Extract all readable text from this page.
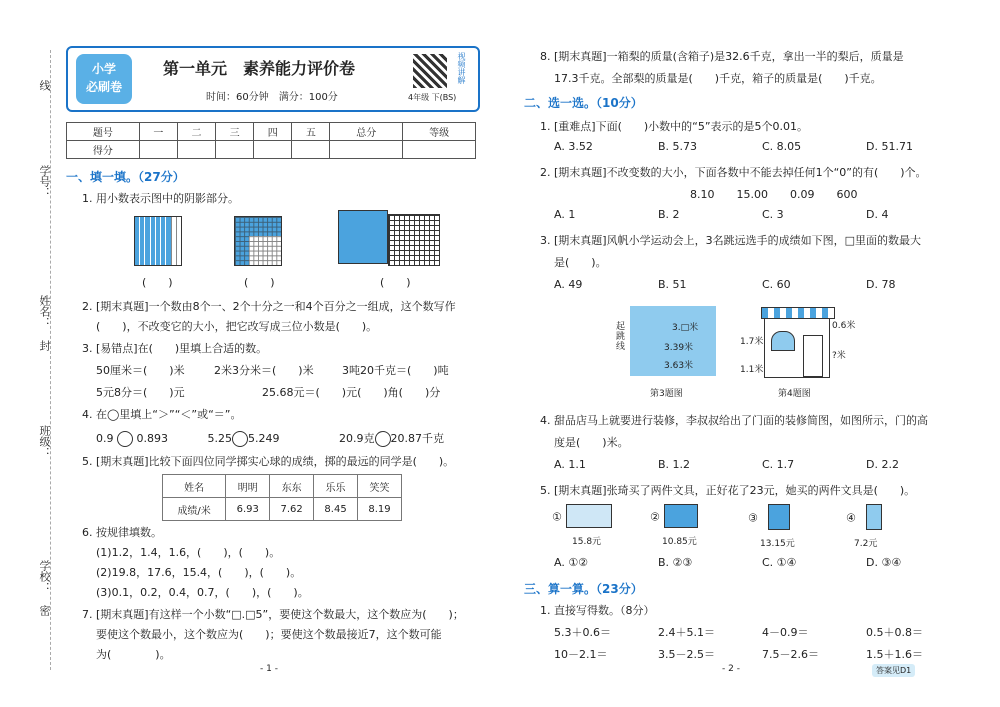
线
学号：
姓名：
封
班级：
学校：
密
小学
必刷卷
第一单元　素养能力评价卷
时间：60分钟　满分：100分
视频讲解
4年级 下(BS)
题号	一	二	三	四	五	总分	等级
得分							
一、填一填。（27分）
1. 用小数表示图中的阴影部分。
(　　)	(　　)	(　　)
2. [期末真题]一个数由8个一、2个十分之一和4个百分之一组成，这个数写作
(　　)，不改变它的大小，把它改写成三位小数是(　　)。
3. [易错点]在(　　)里填上合适的数。
50厘米＝(　　)米	2米3分米＝(　　)米	3吨20千克＝(　　)吨
5元8分＝(　　)元	25.68元＝(　　)元(　　)角(　　)分
4. 在◯里填上“＞”“＜”或“＝”。
0.9 0.893	5.25 5.249	20.9克 20.87千克
5. [期末真题]比较下面四位同学掷实心球的成绩，掷的最远的同学是(　　)。
姓名	明明	东东	乐乐	笑笑
成绩/米	6.93	7.62	8.45	8.19
6. 按规律填数。
(1)1.2，1.4，1.6，(　　)，(　　)。
(2)19.8，17.6，15.4，(　　)，(　　)。
(3)0.1，0.2，0.4，0.7，(　　)，(　　)。
7. [期末真题]有这样一个小数“□.□5”，要使这个数最大，这个数应为(　　)；
要使这个数最小，这个数应为(　　)；要使这个数最接近7，这个数可能
为(　　　　)。
- 1 -
8. [期末真题]一箱梨的质量(含箱子)是32.6千克，拿出一半的梨后，质量是
17.3千克。全部梨的质量是(　　)千克，箱子的质量是(　　)千克。
二、选一选。（10分）
1. [重难点]下面(　　)小数中的“5”表示的是5个0.01。
A. 3.52	B. 5.73	C. 8.05	D. 51.71
2. [期末真题]不改变数的大小，下面各数中不能去掉任何1个“0”的有(　　)个。
8.10　　15.00　　0.09　　600
A. 1	B. 2	C. 3	D. 4
3. [期末真题]风帆小学运动会上，3名跳远选手的成绩如下图，□里面的数最大
是(　　)。
A. 49	B. 51	C. 60	D. 78
3.□米
3.39米
3.63米
起跳线
第3题图
0.6米
1.7米
?米
1.1米
第4题图
4. 甜品店马上就要进行装修，李叔叔给出了门面的装修简图，如图所示，门的高
度是(　　)米。
A. 1.1	B. 1.2	C. 1.7	D. 2.2
5. [期末真题]张琦买了两件文具，正好花了23元，她买的两件文具是(　　)。
①
15.8元
②
10.85元
③
13.15元
④
7.2元
A. ①②	B. ②③	C. ①④	D. ③④
三、算一算。（23分）
1. 直接写得数。（8分）
5.3＋0.6＝	2.4＋5.1＝	4－0.9＝	0.5＋0.8＝
10－2.1＝	3.5－2.5＝	7.5－2.6＝	1.5＋1.6＝
- 2 -	答案见D1
